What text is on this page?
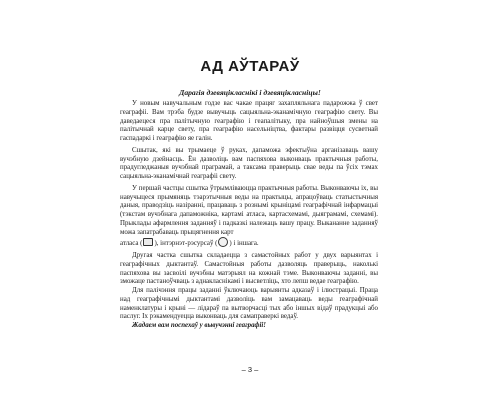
АД АЎТАРАЎ
Дарагія дзевяцікласнікі і дзевяцікласніцы!

У новым навучальным годзе вас чакае працяг захапляльнага падарожжа ў свет геаграфіі. Вам трэба будзе вывучыць сацыяльна-эканамічную геаграфію свету. Вы даведаецеся пра палітычную геаграфію і геапалітыку, пра найноўшыя змены на палітычнай карце свету, пра геаграфію насельніцтва, фактары развіцця сусветнай гаспадаркі і геаграфію яе галін.

Сшытак, які вы трымаеце ў руках, дапаможа эфектыўна арганізаваць вашу вучэбную дзейнасць. Ён дазволіць вам паспяхова выконваць практычныя работы, прадугледжаныя вучэбнай праграмай, а таксама праверыць свае веды па ўсіх тэмах сацыяльна-эканамічнай геаграфіі свету.

У першай частцы сшытка ўтрымліваюцца практычныя работы. Выконваючы іх, вы навучыцеся прымяняць тэарэтычныя веды на практыцы, апрацоўваць статыстычныя даныя, праводзіць назіранні, працаваць з рознымі крыніцамі геаграфічнай інфармацыі (тэкстам вучэбнага дапаможніка, картамі атласа, картасхемамі, дыяграмамі, схемамі). Прыклады афармлення заданняў і падказкі належаць вашу працу. Выкананне заданняў можа запатрабаваць прыцягнення карт

атласа ( ), інтэрнэт-рэсурсаў ( ) і іншага.

Другая частка сшытка складаецца з самастойных работ у двух варыянтах і геаграфічных дыктантаў. Самастойныя работы дазволяць праверыць, наколькі паспяхова вы засвоілі вучэбны матэрыял на кожнай тэме. Выконваючы заданні, вы зможаце пастаноўчваць з аднакласнікамі і высветліць, хто лепш ведае геаграфію.

Для палічэння працы заданні ўключаюць варыянты адказаў і ілюстрацыі. Праца над геаграфічнымі дыктантамі дазволіць вам замацаваць веды геаграфічнай наменклатуры і крыні — лідараў па вытворчасці тых або іншых відаў прадукцыі або паслуг. Іх рэкамендуецца выконваць для самаправеркі ведаў.

Жадаем вам поспехаў у вывучэнні геаграфіі!

– 3 –
